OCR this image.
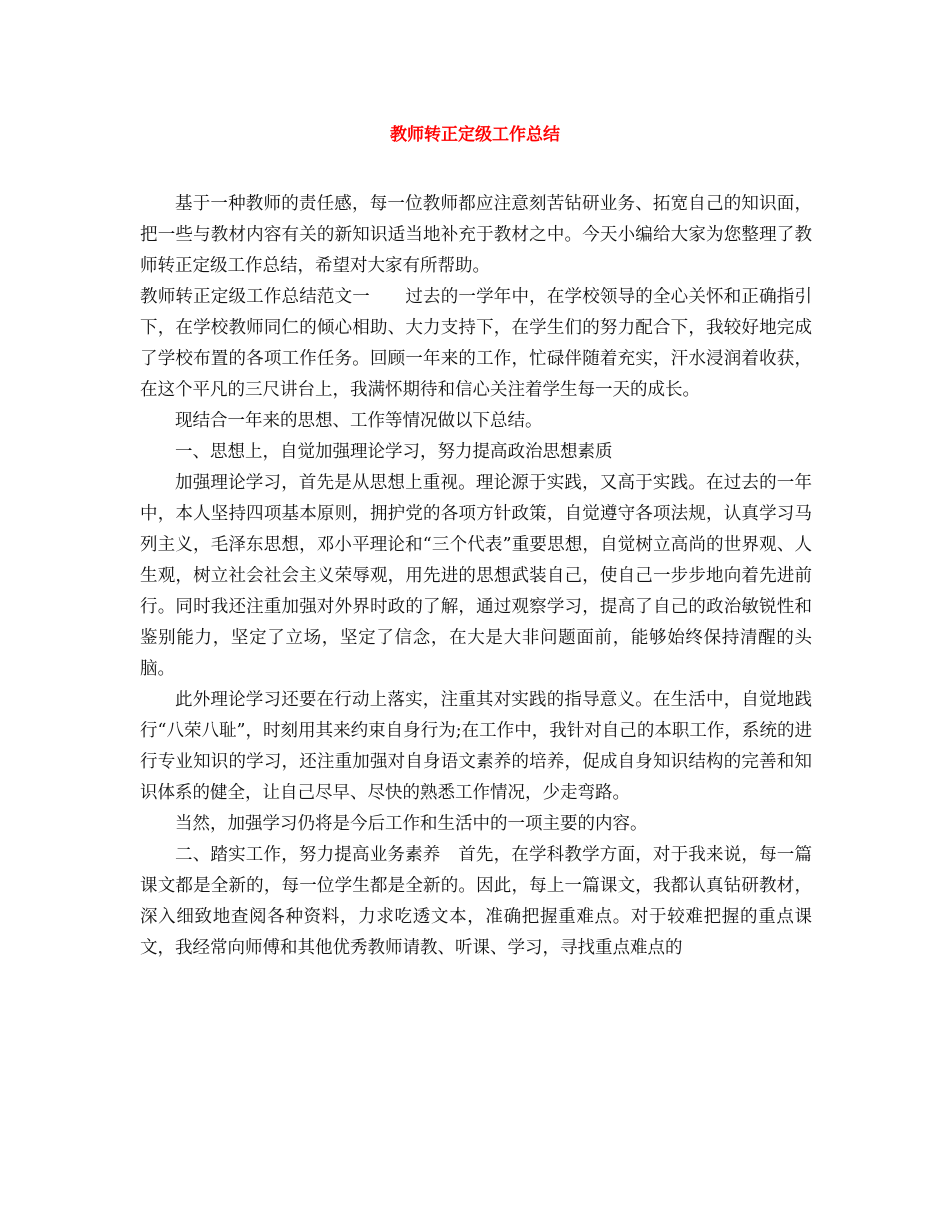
教师转正定级工作总结

基于一种教师的责任感，每一位教师都应注意刻苦钻研业务、拓宽自己的知识面，把一些与教材内容有关的新知识适当地补充于教材之中。今天小编给大家为您整理了教师转正定级工作总结，希望对大家有所帮助。

教师转正定级工作总结范文一　　过去的一学年中，在学校领导的全心关怀和正确指引下，在学校教师同仁的倾心相助、大力支持下，在学生们的努力配合下，我较好地完成了学校布置的各项工作任务。回顾一年来的工作，忙碌伴随着充实，汗水浸润着收获，在这个平凡的三尺讲台上，我满怀期待和信心关注着学生每一天的成长。

现结合一年来的思想、工作等情况做以下总结。

一、思想上，自觉加强理论学习，努力提高政治思想素质

加强理论学习，首先是从思想上重视。理论源于实践，又高于实践。在过去的一年中，本人坚持四项基本原则，拥护党的各项方针政策，自觉遵守各项法规，认真学习马列主义，毛泽东思想，邓小平理论和“三个代表”重要思想，自觉树立高尚的世界观、人生观，树立社会社会主义荣辱观，用先进的思想武装自己，使自己一步步地向着先进前行。同时我还注重加强对外界时政的了解，通过观察学习，提高了自己的政治敏锐性和鉴别能力，坚定了立场，坚定了信念，在大是大非问题面前，能够始终保持清醒的头脑。

此外理论学习还要在行动上落实，注重其对实践的指导意义。在生活中，自觉地践行“八荣八耻”，时刻用其来约束自身行为;在工作中，我针对自己的本职工作，系统的进行专业知识的学习，还注重加强对自身语文素养的培养，促成自身知识结构的完善和知识体系的健全，让自己尽早、尽快的熟悉工作情况，少走弯路。

当然，加强学习仍将是今后工作和生活中的一项主要的内容。

二、踏实工作，努力提高业务素养　首先，在学科教学方面，对于我来说，每一篇课文都是全新的，每一位学生都是全新的。因此，每上一篇课文，我都认真钻研教材，深入细致地查阅各种资料，力求吃透文本，准确把握重难点。对于较难把握的重点课文，我经常向师傅和其他优秀教师请教、听课、学习，寻找重点难点的
